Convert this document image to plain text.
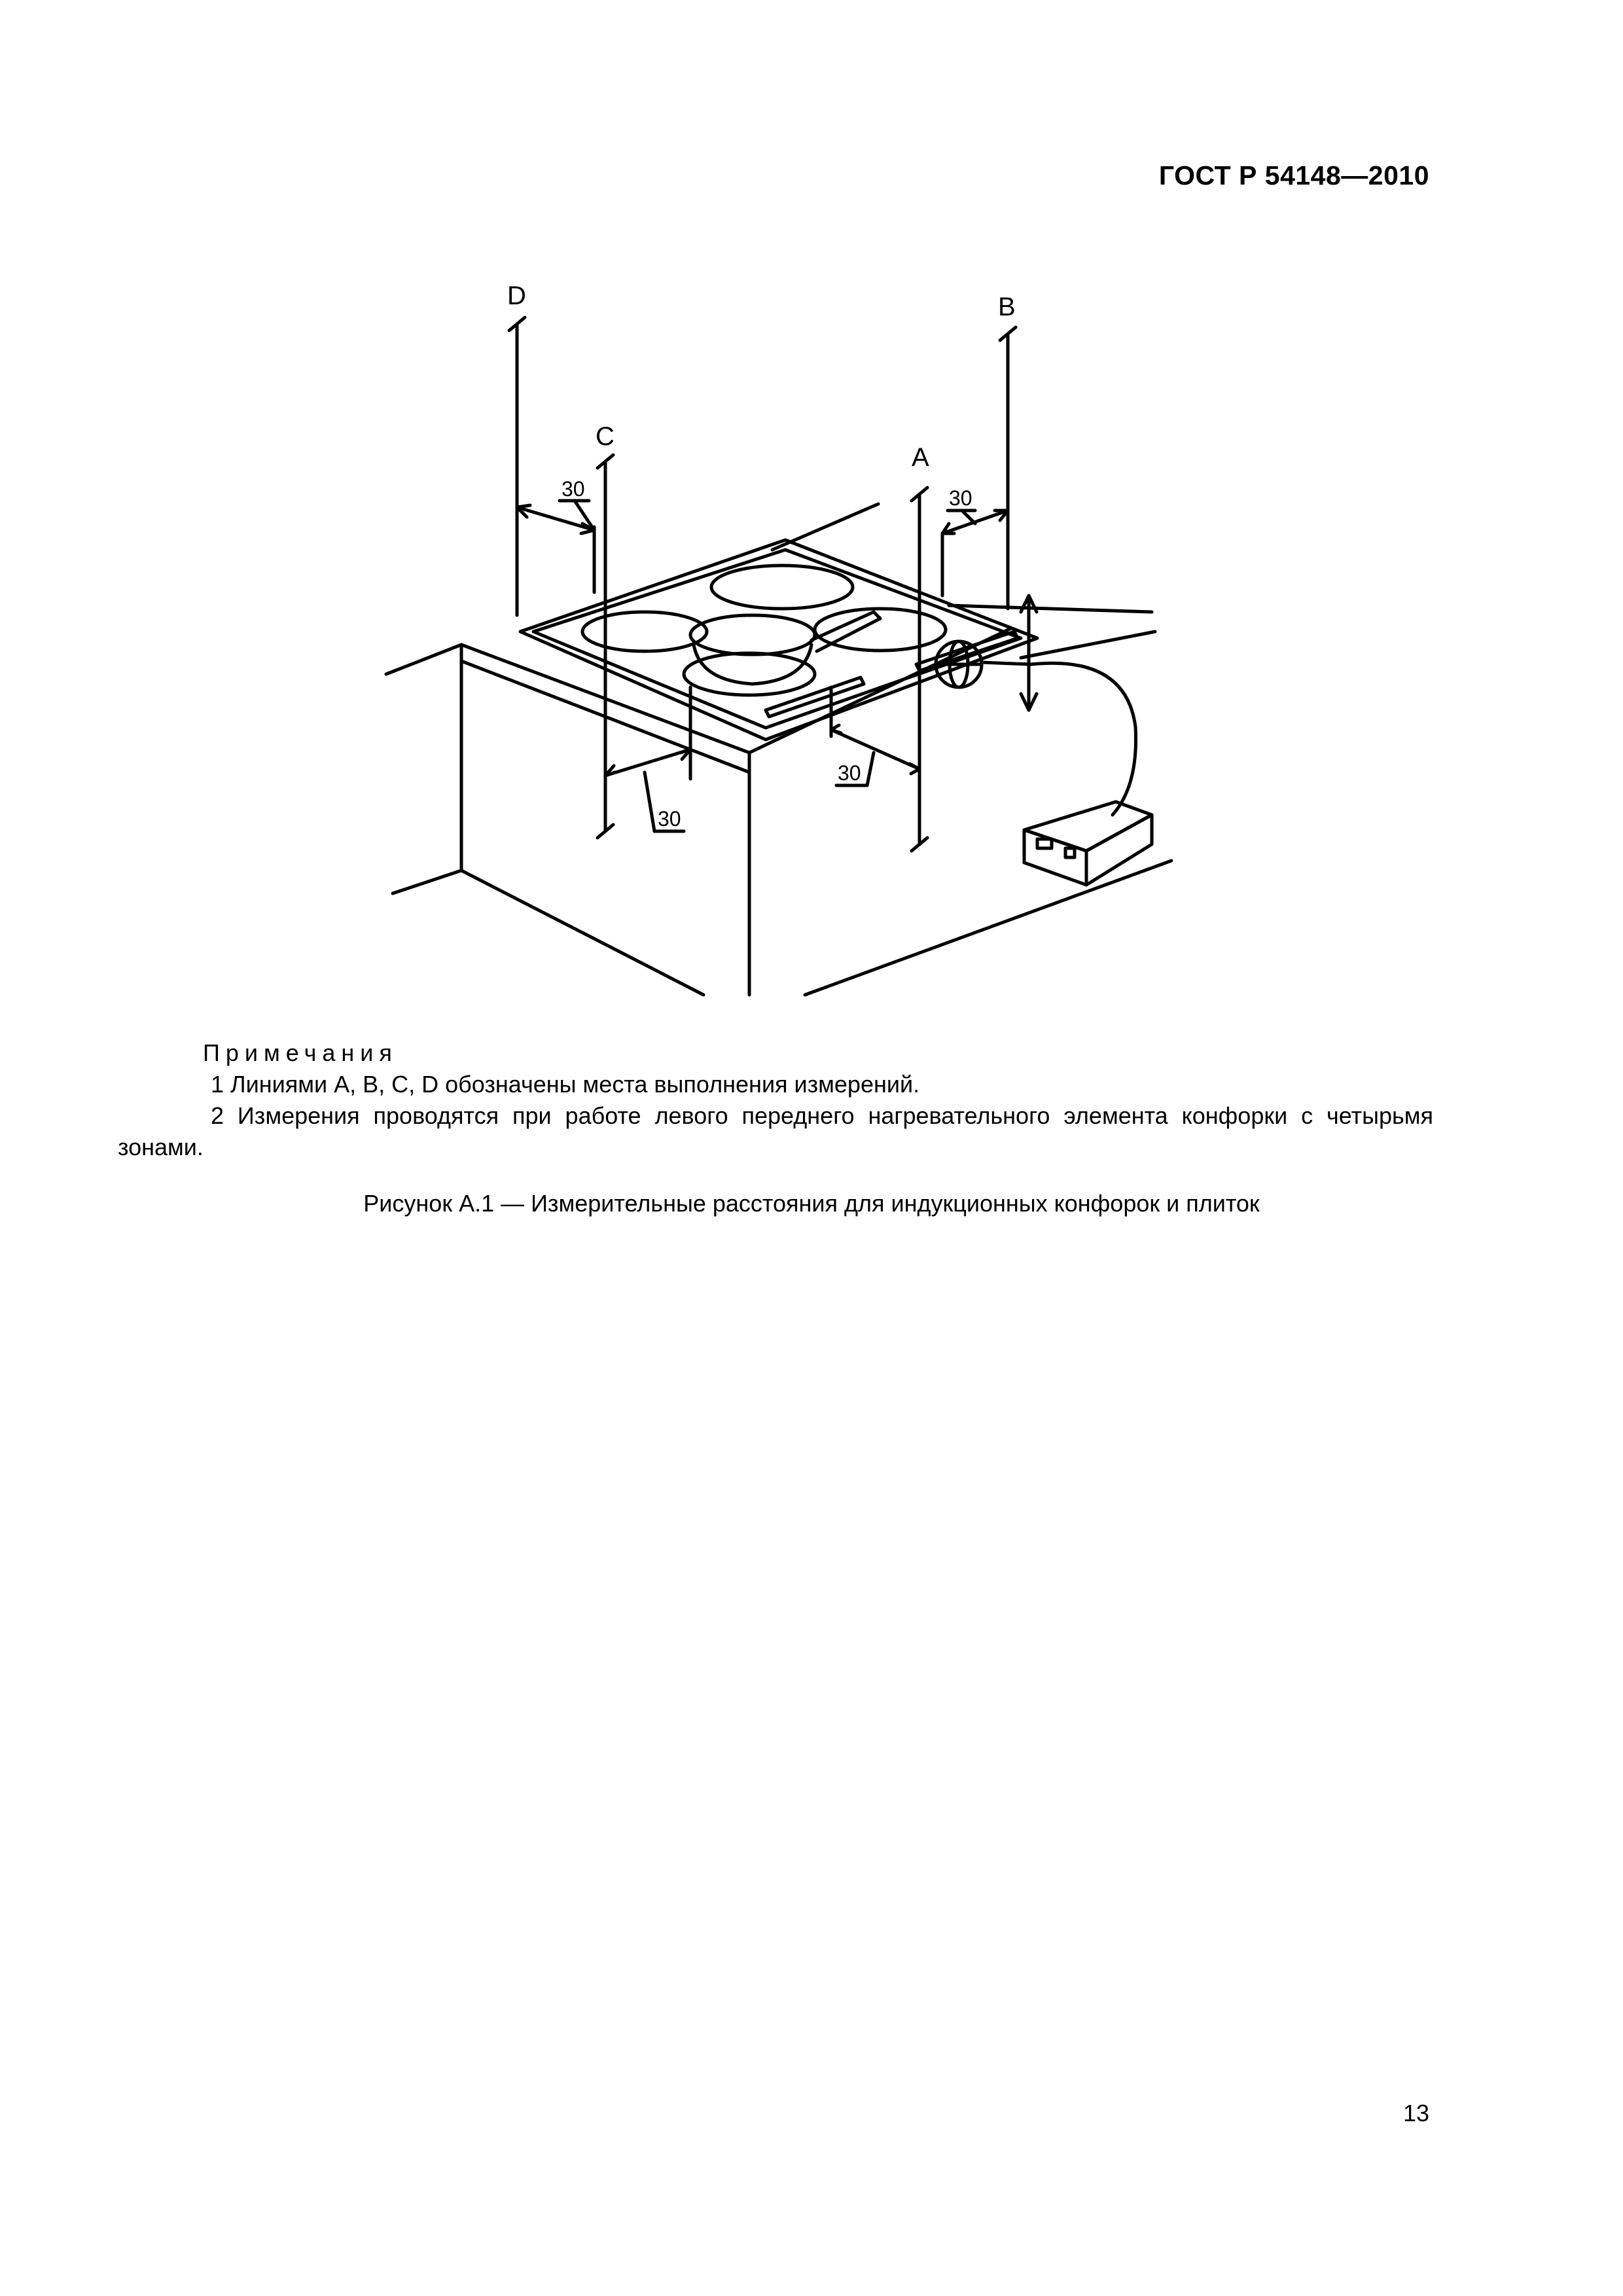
ГОСТ Р 54148—2010
D
C
A
B
30	30
30
30
Примечания
1 Линиями A, B, C, D обозначены места выполнения измерений.
2 Измерения проводятся при работе левого переднего нагревательного элемента конфорки с четырьмя
зонами.
Рисунок А.1 — Измерительные расстояния для индукционных конфорок и плиток
13
